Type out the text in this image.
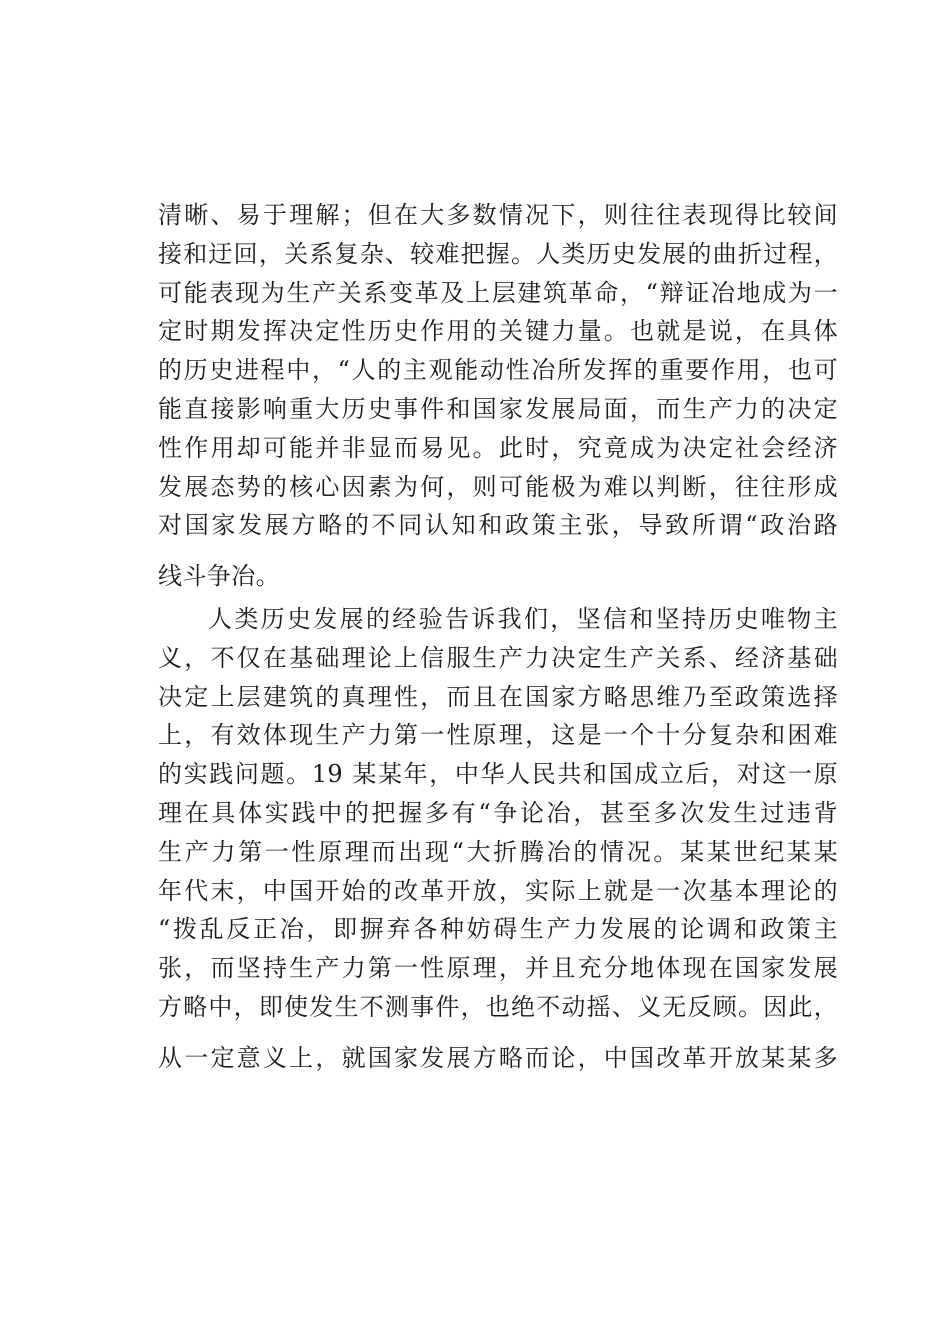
清晰、易于理解；但在大多数情况下，则往往表现得比较间
接和迂回，关系复杂、较难把握。人类历史发展的曲折过程，
可能表现为生产关系变革及上层建筑革命，“辩证冶地成为一
定时期发挥决定性历史作用的关键力量。也就是说，在具体
的历史进程中，“人的主观能动性冶所发挥的重要作用，也可
能直接影响重大历史事件和国家发展局面，而生产力的决定
性作用却可能并非显而易见。此时，究竟成为决定社会经济
发展态势的核心因素为何，则可能极为难以判断，往往形成
对国家发展方略的不同认知和政策主张，导致所谓“政治路
线斗争冶。
人类历史发展的经验告诉我们，坚信和坚持历史唯物主
义，不仅在基础理论上信服生产力决定生产关系、经济基础
决定上层建筑的真理性，而且在国家方略思维乃至政策选择
上，有效体现生产力第一性原理，这是一个十分复杂和困难
的实践问题。19 某某年，中华人民共和国成立后，对这一原
理在具体实践中的把握多有“争论冶，甚至多次发生过违背
生产力第一性原理而出现“大折腾冶的情况。某某世纪某某
年代末，中国开始的改革开放，实际上就是一次基本理论的
“拨乱反正冶，即摒弃各种妨碍生产力发展的论调和政策主
张，而坚持生产力第一性原理，并且充分地体现在国家发展
方略中，即使发生不测事件，也绝不动摇、义无反顾。因此，
从一定意义上，就国家发展方略而论，中国改革开放某某多
